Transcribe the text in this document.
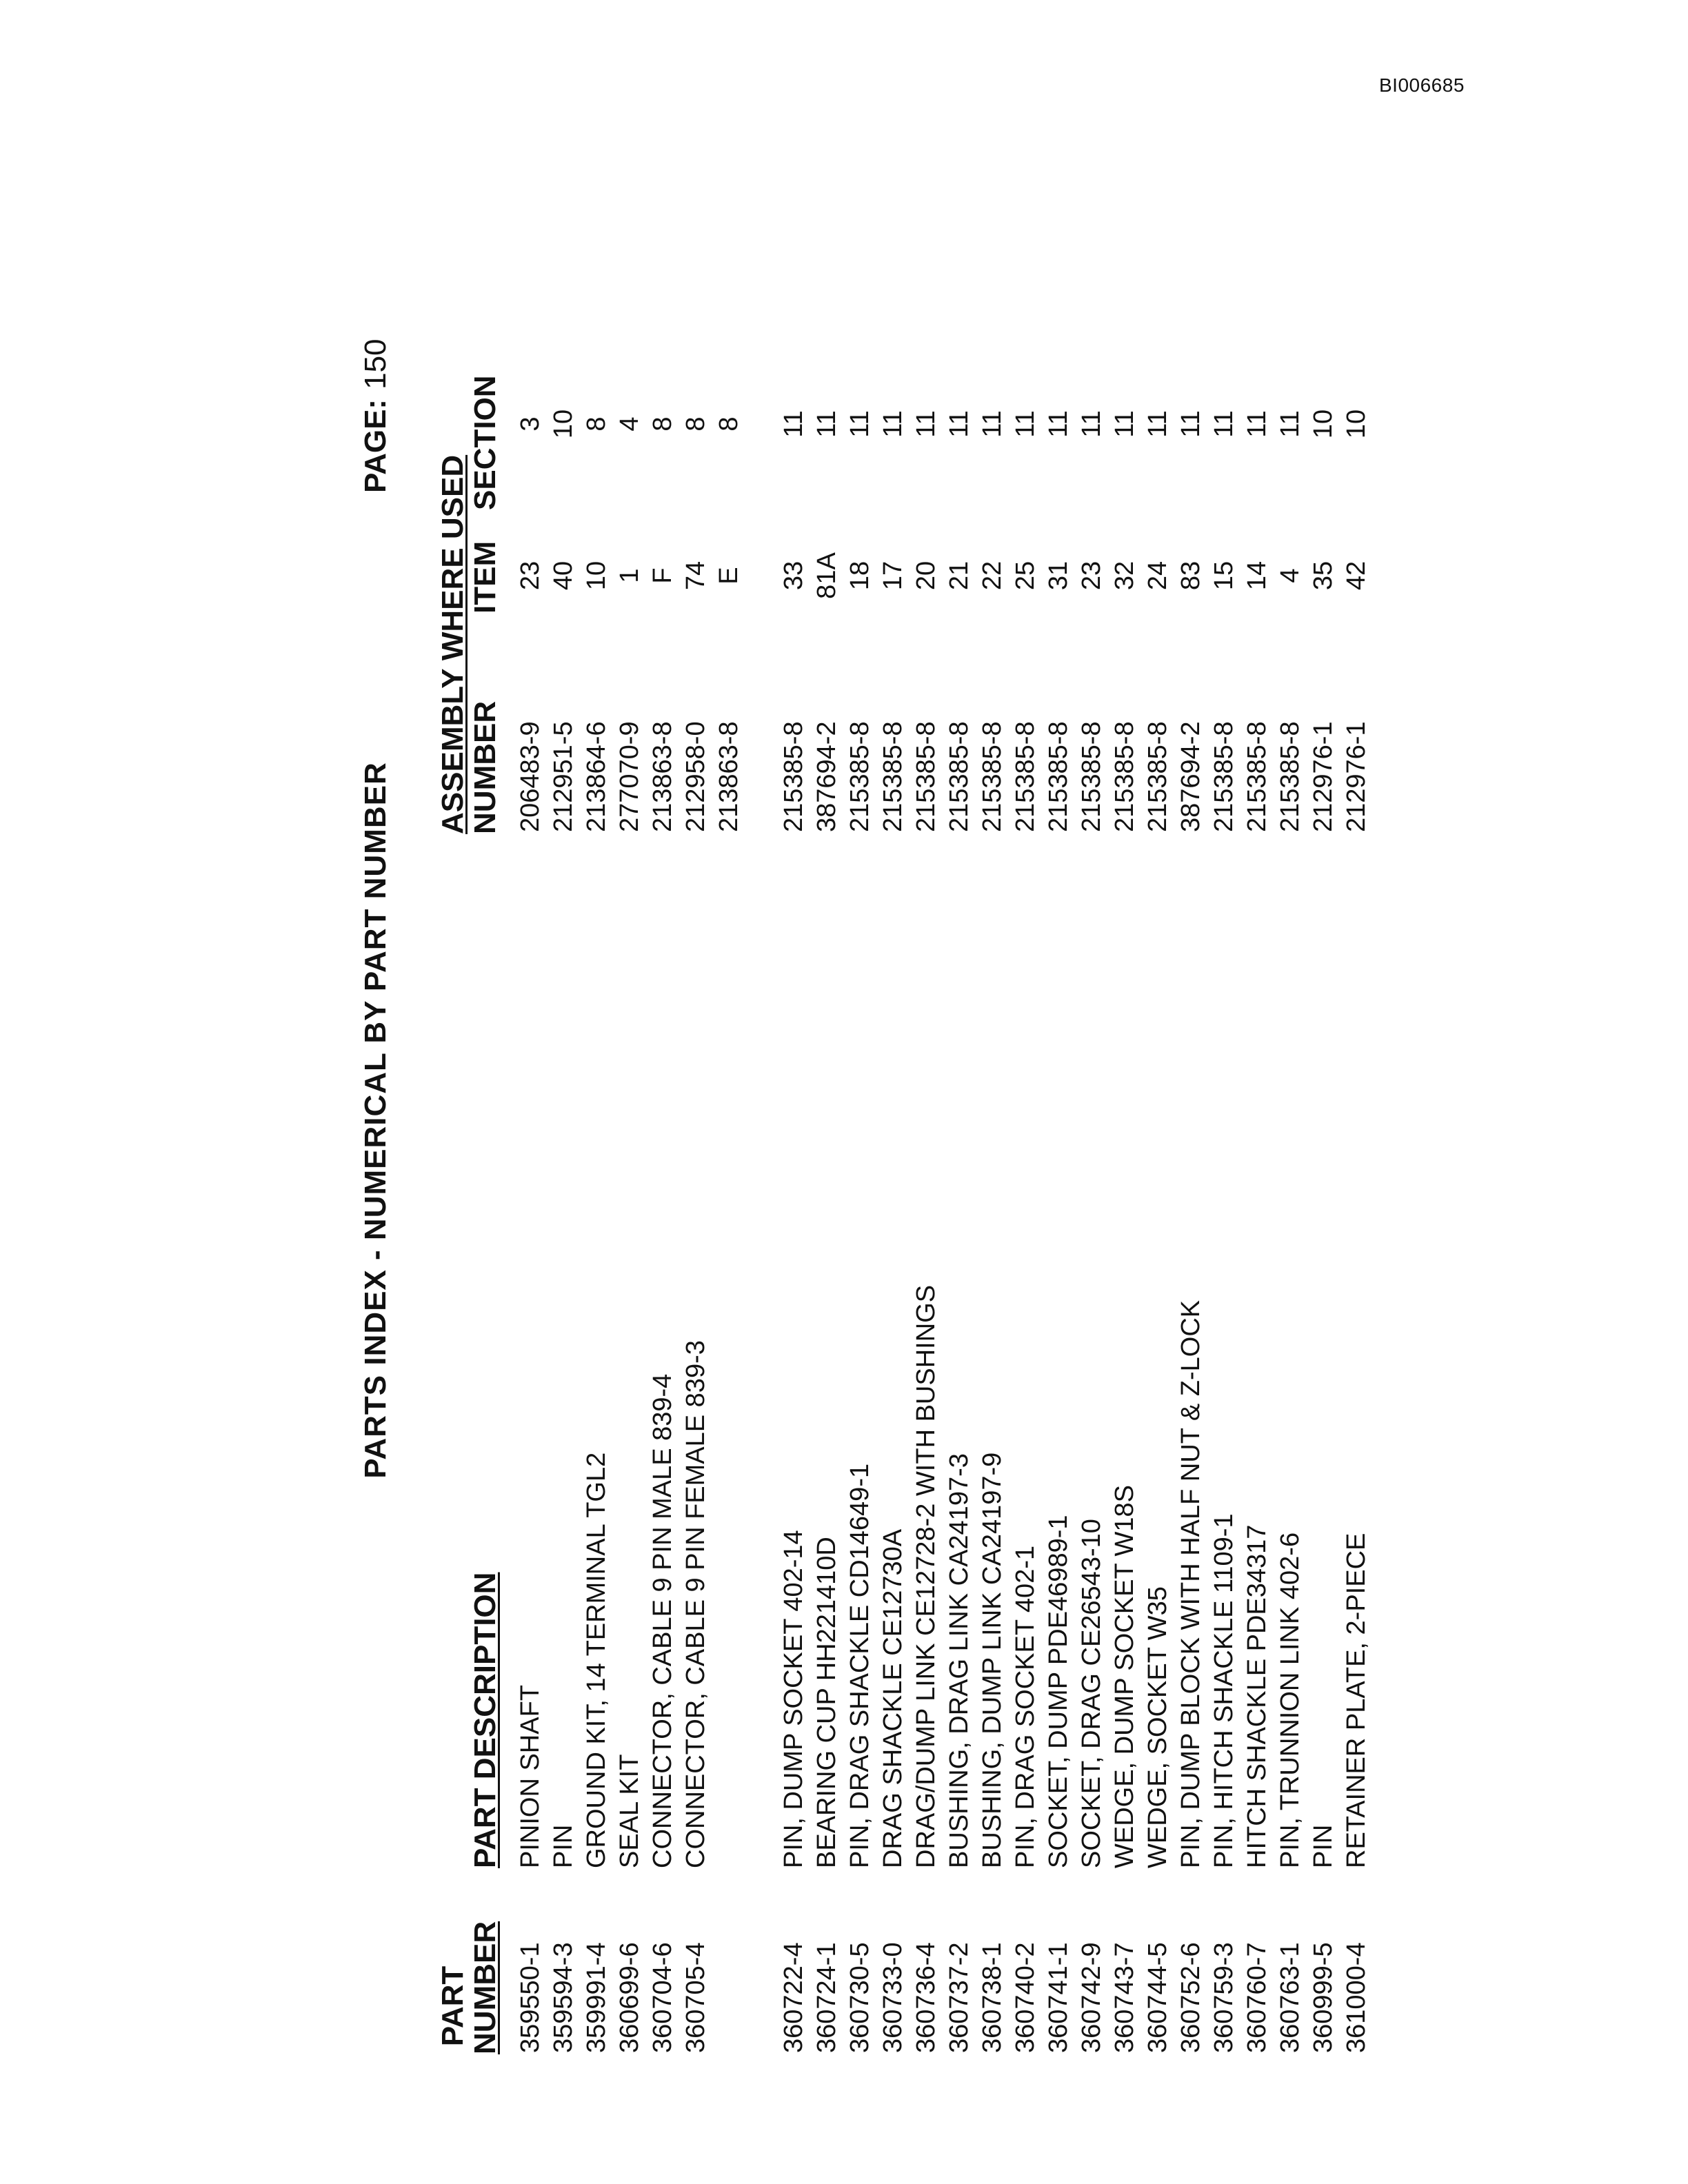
BI006685
PARTS INDEX - NUMERICAL BY PART NUMBER
PAGE:150
PART
NUMBER
PART DESCRIPTION
ASSEMBLY WHERE USED
NUMBER
ITEM
SECTION
359550-1
PINION SHAFT
206483-9
23
3
359594-3
PIN
212951-5
40
10
359991-4
GROUND KIT, 14 TERMINAL TGL2
213864-6
10
8
360699-6
SEAL KIT
277070-9
1
4
360704-6
CONNECTOR, CABLE 9 PIN MALE 839-4
213863-8
F
8
360705-4
CONNECTOR, CABLE 9 PIN FEMALE 839-3
212958-0
74
8
213863-8
E
8
360722-4
PIN, DUMP SOCKET 402-14
215385-8
33
11
360724-1
BEARING CUP HH221410D
387694-2
81A
11
360730-5
PIN, DRAG SHACKLE CD14649-1
215385-8
18
11
360733-0
DRAG SHACKLE CE12730A
215385-8
17
11
360736-4
DRAG/DUMP LINK CE12728-2 WITH BUSHINGS
215385-8
20
11
360737-2
BUSHING, DRAG LINK CA24197-3
215385-8
21
11
360738-1
BUSHING, DUMP LINK CA24197-9
215385-8
22
11
360740-2
PIN, DRAG SOCKET 402-1
215385-8
25
11
360741-1
SOCKET, DUMP PDE46989-1
215385-8
31
11
360742-9
SOCKET, DRAG CE26543-10
215385-8
23
11
360743-7
WEDGE, DUMP SOCKET W18S
215385-8
32
11
360744-5
WEDGE, SOCKET W35
215385-8
24
11
360752-6
PIN, DUMP BLOCK WITH HALF NUT & Z-LOCK
387694-2
83
11
360759-3
PIN, HITCH SHACKLE 1109-1
215385-8
15
11
360760-7
HITCH SHACKLE PDE34317
215385-8
14
11
360763-1
PIN, TRUNNION LINK 402-6
215385-8
4
11
360999-5
PIN
212976-1
35
10
361000-4
RETAINER PLATE, 2-PIECE
212976-1
42
10
